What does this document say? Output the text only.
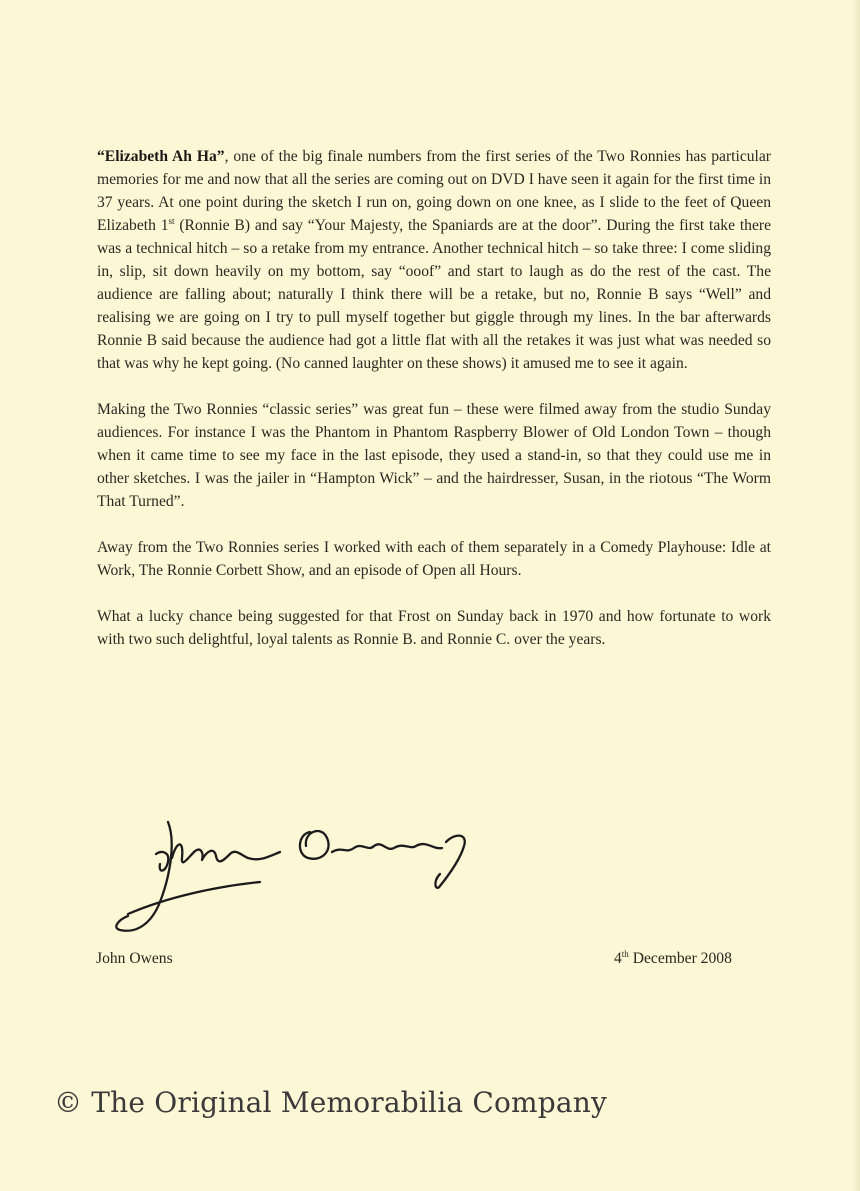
“Elizabeth Ah Ha”, one of the big finale numbers from the first series of the Two Ronnies has particular memories for me and now that all the series are coming out on DVD I have seen it again for the first time in 37 years. At one point during the sketch I run on, going down on one knee, as I slide to the feet of Queen Elizabeth 1st (Ronnie B) and say “Your Majesty, the Spaniards are at the door”. During the first take there was a technical hitch – so a retake from my entrance. Another technical hitch – so take three: I come sliding in, slip, sit down heavily on my bottom, say “ooof” and start to laugh as do the rest of the cast. The audience are falling about; naturally I think there will be a retake, but no, Ronnie B says “Well” and realising we are going on I try to pull myself together but giggle through my lines. In the bar afterwards Ronnie B said because the audience had got a little flat with all the retakes it was just what was needed so that was why he kept going. (No canned laughter on these shows) it amused me to see it again.

Making the Two Ronnies “classic series” was great fun – these were filmed away from the studio Sunday audiences. For instance I was the Phantom in Phantom Raspberry Blower of Old London Town – though when it came time to see my face in the last episode, they used a stand-in, so that they could use me in other sketches. I was the jailer in “Hampton Wick” – and the hairdresser, Susan, in the riotous “The Worm That Turned”.

Away from the Two Ronnies series I worked with each of them separately in a Comedy Playhouse: Idle at Work, The Ronnie Corbett Show, and an episode of Open all Hours.

What a lucky chance being suggested for that Frost on Sunday back in 1970 and how fortunate to work with two such delightful, loyal talents as Ronnie B. and Ronnie C. over the years.

John Owens	4th December 2008
© The Original Memorabilia Company
